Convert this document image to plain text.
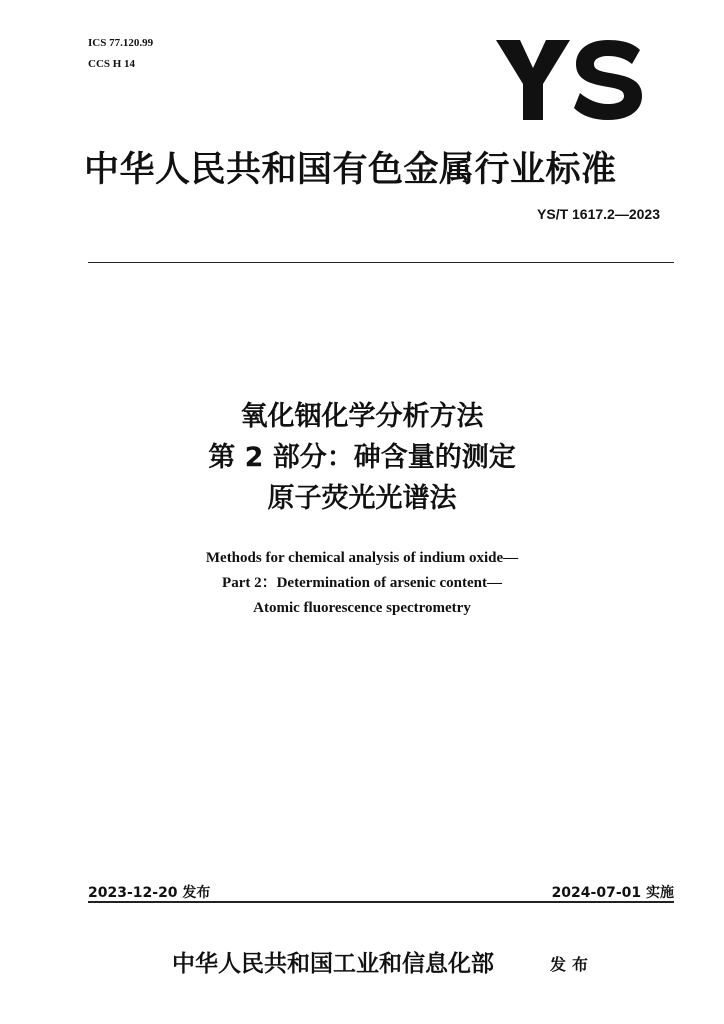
ICS 77.120.99
CCS H 14
中华人民共和国有色金属行业标准
YS/T 1617.2—2023
氧化铟化学分析方法
第 2 部分：砷含量的测定
原子荧光光谱法
Methods for chemical analysis of indium oxide—
Part 2：Determination of arsenic content—
Atomic fluorescence spectrometry
2023-12-20 发布	2024-07-01 实施
中华人民共和国工业和信息化部	发布
